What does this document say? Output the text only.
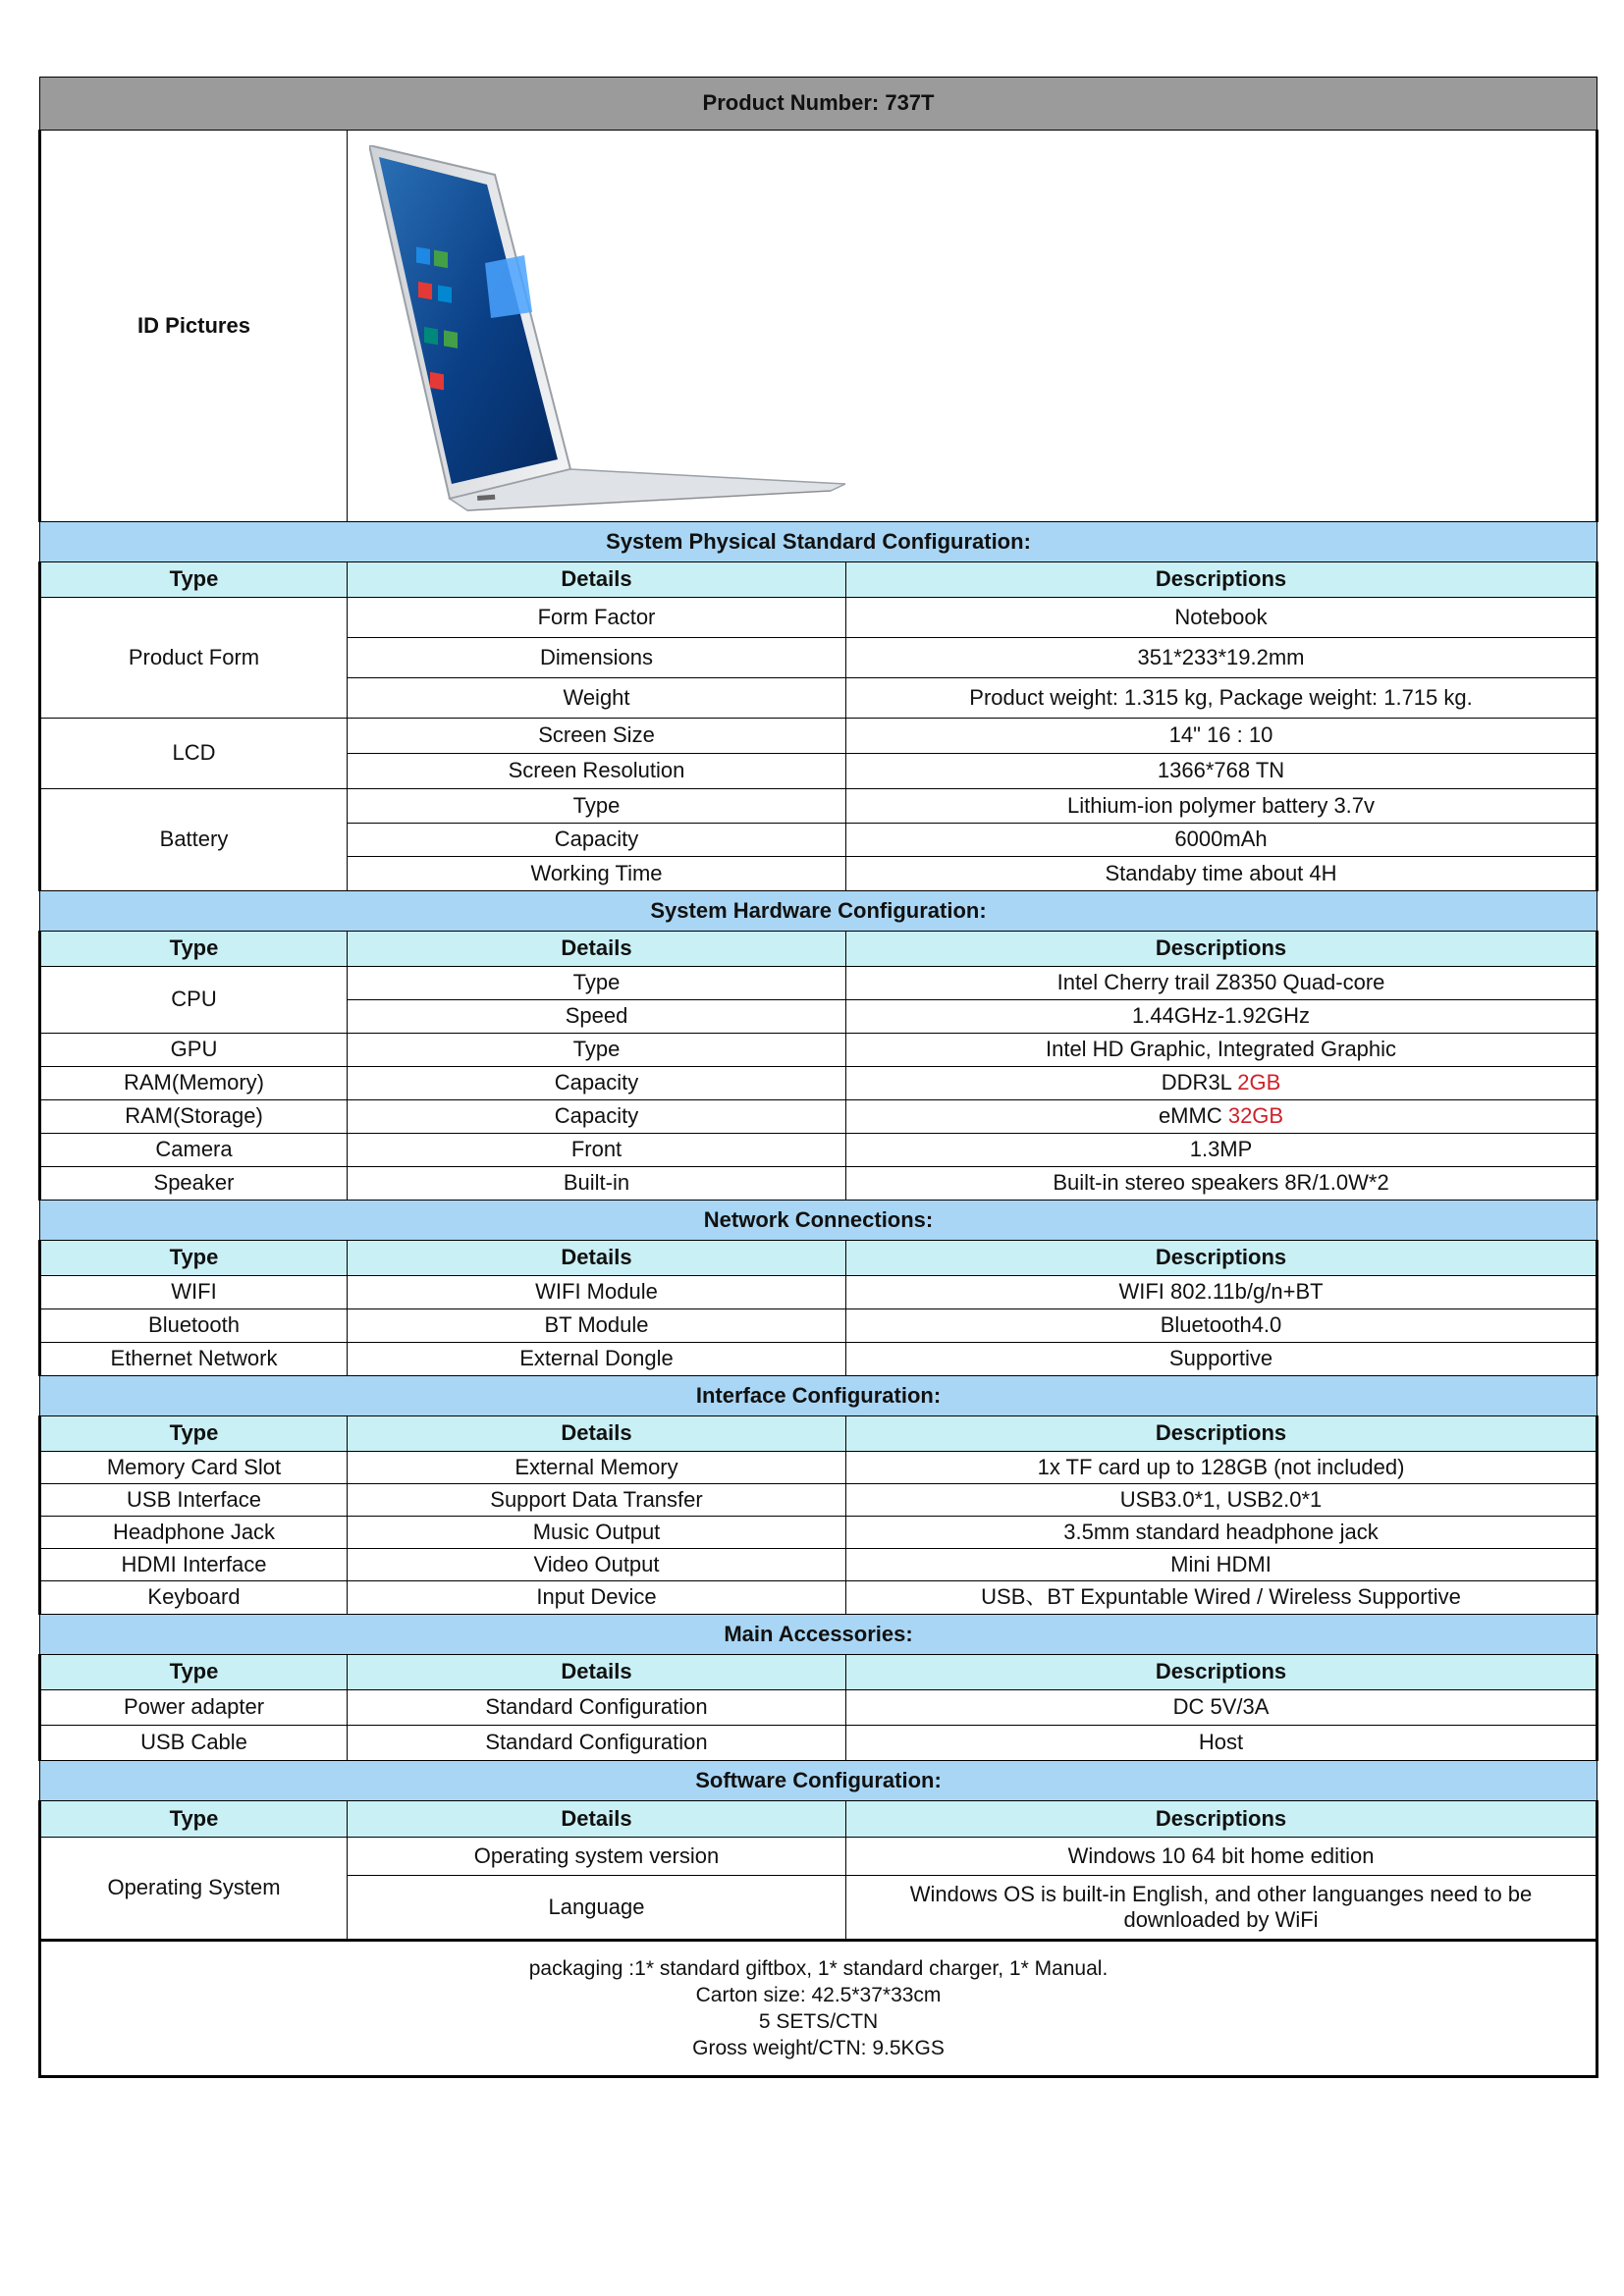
Product Number: 737T		
ID Pictures	

System Physical Standard Configuration:		
Type	Details	Descriptions
Product Form	Form Factor	Notebook
	Dimensions	351*233*19.2mm
	Weight	Product weight: 1.315 kg, Package weight: 1.715 kg.
LCD	Screen Size	14" 16 : 10
	Screen Resolution	1366*768 TN
Battery	Type	Lithium-ion polymer battery 3.7v
	Capacity	6000mAh
	Working Time	Standaby time about 4H
System Hardware Configuration:		
Type	Details	Descriptions
CPU	Type	Intel Cherry trail Z8350 Quad-core
	Speed	1.44GHz-1.92GHz
GPU	Type	Intel HD Graphic, Integrated Graphic
RAM(Memory)	Capacity	DDR3L 2GB
RAM(Storage)	Capacity	eMMC 32GB
Camera	Front	1.3MP
Speaker	Built-in	Built-in stereo speakers 8R/1.0W*2
Network Connections:		
Type	Details	Descriptions
WIFI	WIFI Module	WIFI 802.11b/g/n+BT
Bluetooth	BT Module	Bluetooth4.0
Ethernet Network	External Dongle	Supportive
Interface Configuration:		
Type	Details	Descriptions
Memory Card Slot	External Memory	1x TF card up to 128GB (not included)
USB Interface	Support Data Transfer	USB3.0*1, USB2.0*1
Headphone Jack	Music Output	3.5mm standard headphone jack
HDMI Interface	Video Output	Mini HDMI
Keyboard	Input Device	USB、BT Expuntable Wired / Wireless Supportive
Main Accessories:		
Type	Details	Descriptions
Power adapter	Standard Configuration	DC 5V/3A
USB Cable	Standard Configuration	Host
Software Configuration:		
Type	Details	Descriptions
Operating System	Operating system version	Windows 10 64 bit home edition
	Language	Windows OS is built-in English, and other languanges need to be downloaded by WiFi

packaging :1* standard giftbox, 1* standard charger, 1* Manual.
Carton size: 42.5*37*33cm
5 SETS/CTN
Gross weight/CTN: 9.5KGS		
